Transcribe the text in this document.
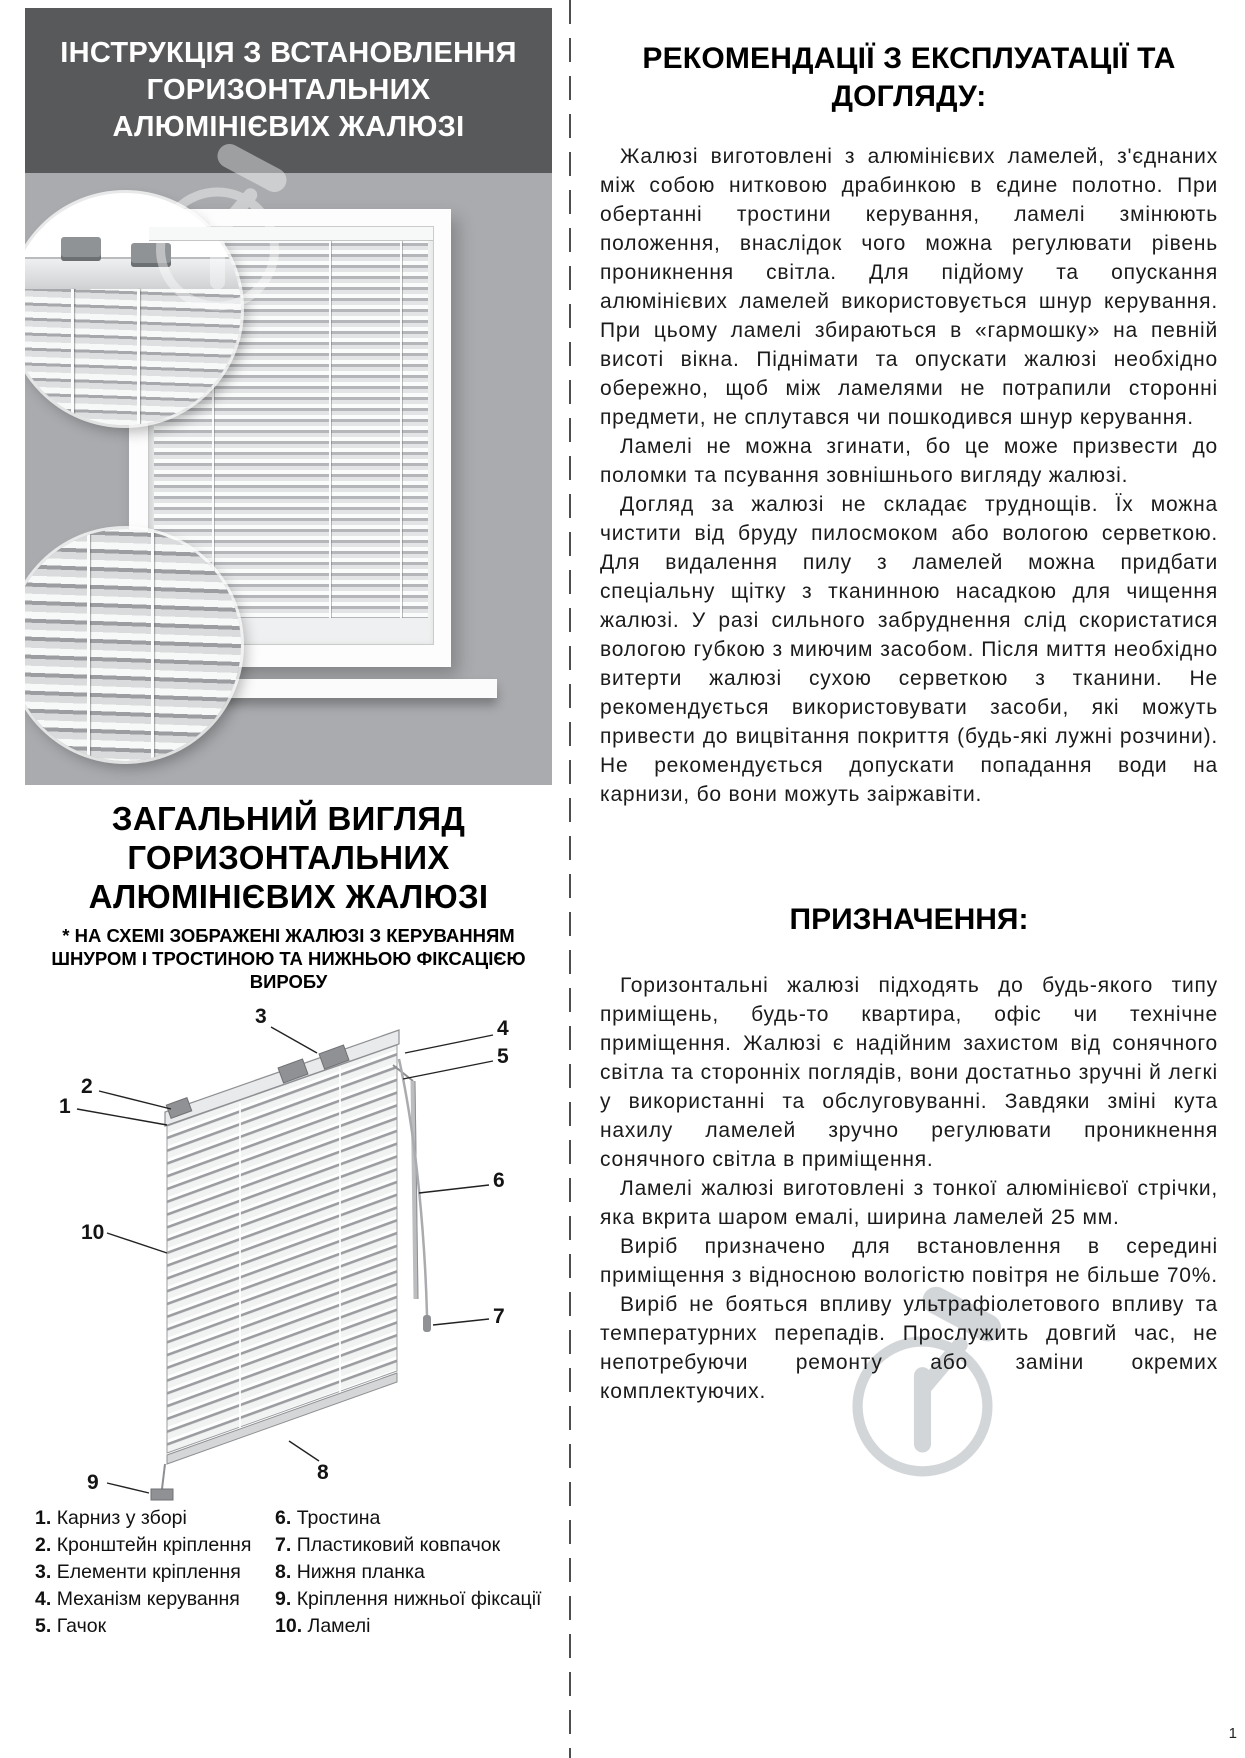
ІНСТРУКЦІЯ З ВСТАНОВЛЕННЯ ГОРИЗОНТАЛЬНИХ АЛЮМІНІЄВИХ ЖАЛЮЗІ
ЗАГАЛЬНИЙ ВИГЛЯД ГОРИЗОНТАЛЬНИХ АЛЮМІНІЄВИХ ЖАЛЮЗІ
* НА СХЕМІ ЗОБРАЖЕНІ ЖАЛЮЗІ З КЕРУВАННЯМ ШНУРОМ І ТРОСТИНОЮ ТА НИЖНЬОЮ ФІКСАЦІЄЮ ВИРОБУ
3
4
5
2
1
10
6
7
8
9
1. Карниз у зборі
2. Кронштейн кріплення
3. Елементи кріплення
4. Механізм керування
5. Гачок
6. Тростина
7. Пластиковий ковпачок
8. Нижня планка
9. Кріплення нижньої фіксації
10. Ламелі
РЕКОМЕНДАЦІЇ З ЕКСПЛУАТАЦІЇ ТА ДОГЛЯДУ:

Жалюзі виготовлені з алюмінієвих ламелей, з'єднаних між собою нитковою драбинкою в єдине полотно. При обертанні тростини керування, ламелі змінюють положення, внаслідок чого можна регулювати рівень проникнення світла. Для підйому та опускання алюмінієвих ламелей використовується шнур керування. При цьому ламелі збираються в «гармошку» на певній висоті вікна. Піднімати та опускати жалюзі необхідно обережно, щоб між ламелями не потрапили сторонні предмети, не сплутався чи пошкодився шнур керування.

Ламелі не можна згинати, бо це може призвести до поломки та псування зовнішнього вигляду жалюзі.

Догляд за жалюзі не складає труднощів. Їх можна чистити від бруду пилосмоком або вологою серветкою. Для видалення пилу з ламелей можна придбати спеціальну щітку з тканинною насадкою для чищення жалюзі. У разі сильного забруднення слід скористатися вологою губкою з миючим засобом. Після миття необхідно витерти жалюзі сухою серветкою з тканини. Не рекомендується використовувати засоби, які можуть привести до вицвітання покриття (будь-які лужні розчини). Не рекомендується допускати попадання води на карнизи, бо вони можуть заіржавіти.

ПРИЗНАЧЕННЯ:

Горизонтальні жалюзі підходять до будь-якого типу приміщень, будь-то квартира, офіс чи технічне приміщення. Жалюзі є надійним захистом від сонячного світла та сторонніх поглядів, вони достатньо зручні й легкі у використанні та обслуговуванні. Завдяки зміні кута нахилу ламелей зручно регулювати проникнення сонячного світла в приміщення.

Ламелі жалюзі виготовлені з тонкої алюмінієвої стрічки, яка вкрита шаром емалі, ширина ламелей 25 мм.

Виріб призначено для встановлення в середині приміщення з відносною вологістю повітря не більше 70%.

Виріб не бояться впливу ультрафіолетового впливу та температурних перепадів. Прослужить довгий час, не непотребуючи ремонту або заміни окремих комплектуючих.

1
